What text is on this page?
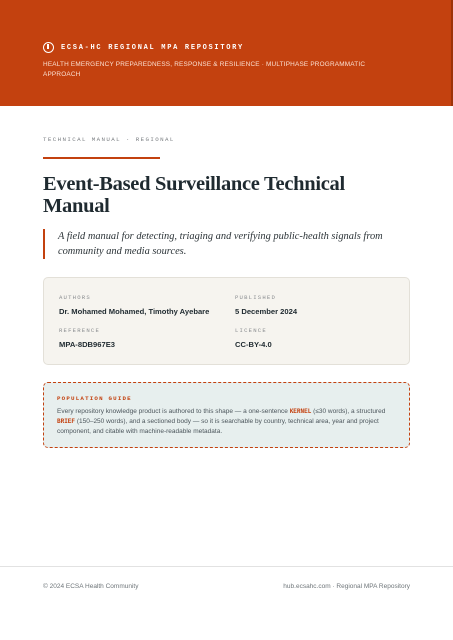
ECSA-HC REGIONAL MPA REPOSITORY
HEALTH EMERGENCY PREPAREDNESS, RESPONSE & RESILIENCE · MULTIPHASE PROGRAMMATIC APPROACH
TECHNICAL MANUAL · REGIONAL
Event-Based Surveillance Technical Manual

A field manual for detecting, triaging and verifying public-health signals from community and media sources.

AUTHORS
Dr. Mohamed Mohamed, Timothy Ayebare
PUBLISHED
5 December 2024
REFERENCE
MPA-8DB967E3
LICENCE
CC-BY-4.0
POPULATION GUIDE
Every repository knowledge product is authored to this shape — a one-sentence KERNEL (≤30 words), a structured BRIEF (150–250 words), and a sectioned body — so it is searchable by country, technical area, year and project component, and citable with machine-readable metadata.
© 2024 ECSA Health Community	hub.ecsahc.com · Regional MPA Repository
